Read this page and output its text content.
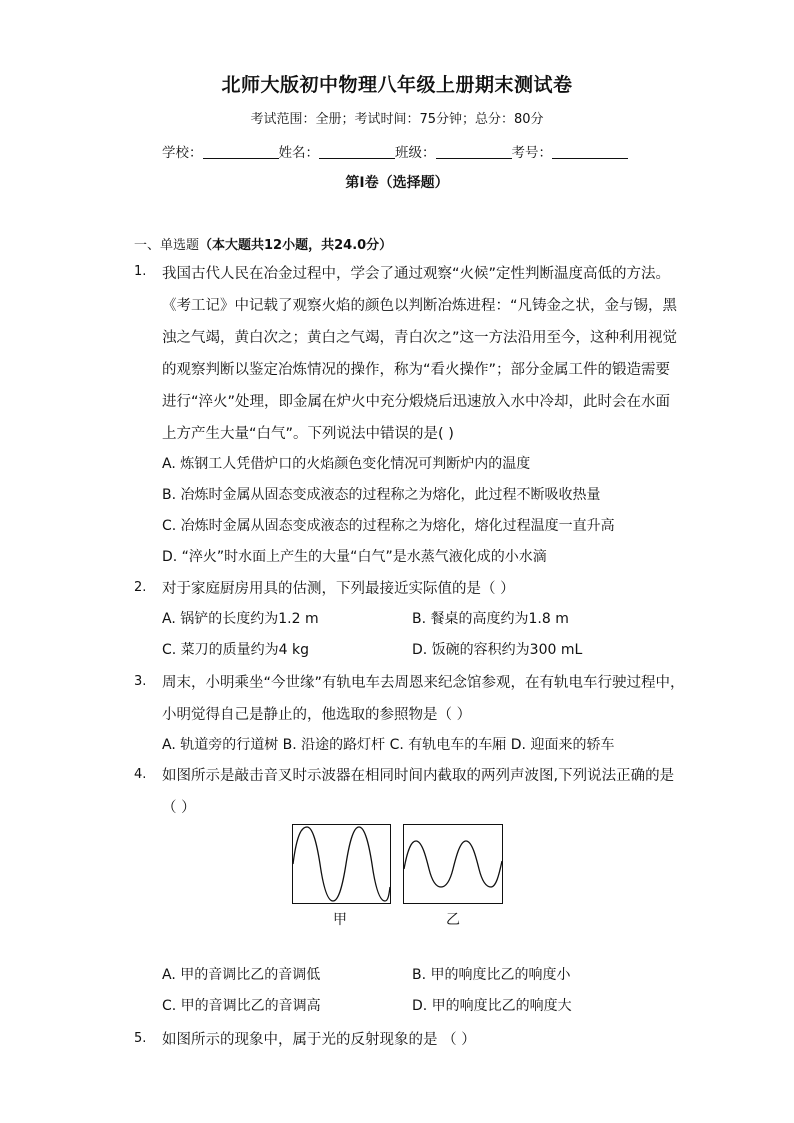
北师大版初中物理八年级上册期末测试卷
考试范围：全册；考试时间：75分钟；总分：80分
学校：	姓名：	班级：	考号：
第I卷（选择题）
一、单选题（本大题共12小题，共24.0分）
1.	我国古代人民在冶金过程中，学会了通过观察“火候”定性判断温度高低的方法。
《考工记》中记载了观察火焰的颜色以判断冶炼进程：“凡铸金之状，金与锡，黑
浊之气竭，黄白次之；黄白之气竭，青白次之”这一方法沿用至今，这种利用视觉
的观察判断以鉴定冶炼情况的操作，称为“看火操作”；部分金属工件的锻造需要
进行“淬火”处理，即金属在炉火中充分煅烧后迅速放入水中冷却，此时会在水面
上方产生大量“白气”。下列说法中错误的是( )
A. 炼钢工人凭借炉口的火焰颜色变化情况可判断炉内的温度
B. 冶炼时金属从固态变成液态的过程称之为熔化，此过程不断吸收热量
C. 冶炼时金属从固态变成液态的过程称之为熔化，熔化过程温度一直升高
D. “淬火”时水面上产生的大量“白气”是水蒸气液化成的小水滴
2.	对于家庭厨房用具的估测，下列最接近实际值的是（ ）
A. 锅铲的长度约为1.2 m	B. 餐桌的高度约为1.8 m
C. 菜刀的质量约为4 kg	D. 饭碗的容积约为300 mL
3.	周末，小明乘坐“今世缘”有轨电车去周恩来纪念馆参观，在有轨电车行驶过程中，
小明觉得自己是静止的，他选取的参照物是（ ）
A. 轨道旁的行道树 B. 沿途的路灯杆 C. 有轨电车的车厢 D. 迎面来的轿车
4.	如图所示是敲击音叉时示波器在相同时间内截取的两列声波图,下列说法正确的是
（ ）
甲	乙
A. 甲的音调比乙的音调低	B. 甲的响度比乙的响度小
C. 甲的音调比乙的音调高	D. 甲的响度比乙的响度大
5.	如图所示的现象中，属于光的反射现象的是 （ ）
